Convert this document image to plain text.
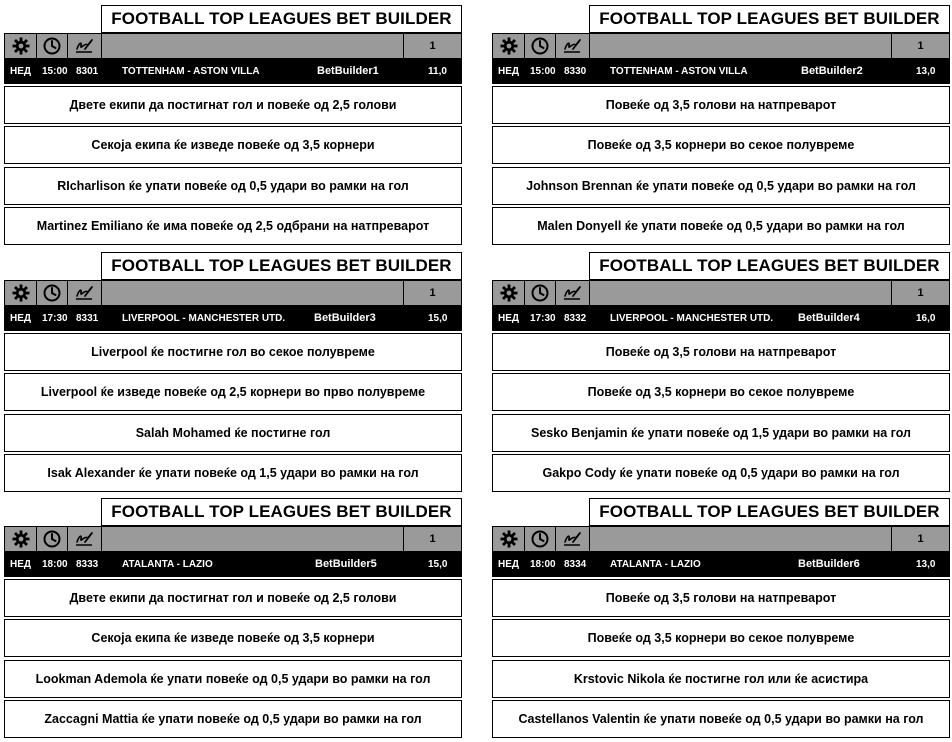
FOOTBALL TOP LEAGUES BET BUILDER
1
НЕД 15:00 8301 TOTTENHAM - ASTON VILLA	BetBuilder1	11,0
Двете екипи да постигнат гол и повеќе од 2,5 голови
Секоја екипа ќе изведе повеќе од 3,5 корнери
RIcharlison ќе упати повеќе од 0,5 удари во рамки на гол
Martinez Emiliano ќе има повеќе од 2,5 одбрани на натпреварот
FOOTBALL TOP LEAGUES BET BUILDER
1
НЕД 15:00 8330 TOTTENHAM - ASTON VILLA	BetBuilder2	13,0
Повеќе од 3,5 голови на натпреварот
Повеќе од 3,5 корнери во секое полувреме
Johnson Brennan ќе упати повеќе од 0,5 удари во рамки на гол
Malen Donyell ќе упати повеќе од 0,5 удари во рамки на гол
FOOTBALL TOP LEAGUES BET BUILDER
1
НЕД 17:30 8331 LIVERPOOL - MANCHESTER UTD.	BetBuilder3	15,0
Liverpool ќе постигне гол во секое полувреме
Liverpool ќе изведе повеќе од 2,5 корнери во прво полувреме
Salah Mohamed ќе постигне гол
Isak Alexander ќе упати повеќе од 1,5 удари во рамки на гол
FOOTBALL TOP LEAGUES BET BUILDER
1
НЕД 17:30 8332 LIVERPOOL - MANCHESTER UTD. BetBuilder4	16,0
Повеќе од 3,5 голови на натпреварот
Повеќе од 3,5 корнери во секое полувреме
Sesko Benjamin ќе упати повеќе од 1,5 удари во рамки на гол
Gakpo Cody ќе упати повеќе од 0,5 удари во рамки на гол
FOOTBALL TOP LEAGUES BET BUILDER
1
НЕД 18:00 8333 ATALANTA - LAZIO	BetBuilder5	15,0
Двете екипи да постигнат гол и повеќе од 2,5 голови
Секоја екипа ќе изведе повеќе од 3,5 корнери
Lookman Ademola ќе упати повеќе од 0,5 удари во рамки на гол
Zaccagni Mattia ќе упати повеќе од 0,5 удари во рамки на гол
FOOTBALL TOP LEAGUES BET BUILDER
1
НЕД 18:00 8334 ATALANTA - LAZIO	BetBuilder6	13,0
Повеќе од 3,5 голови на натпреварот
Повеќе од 3,5 корнери во секое полувреме
Krstovic Nikola ќе постигне гол или ќе асистира
Castellanos Valentin ќе упати повеќе од 0,5 удари во рамки на гол
